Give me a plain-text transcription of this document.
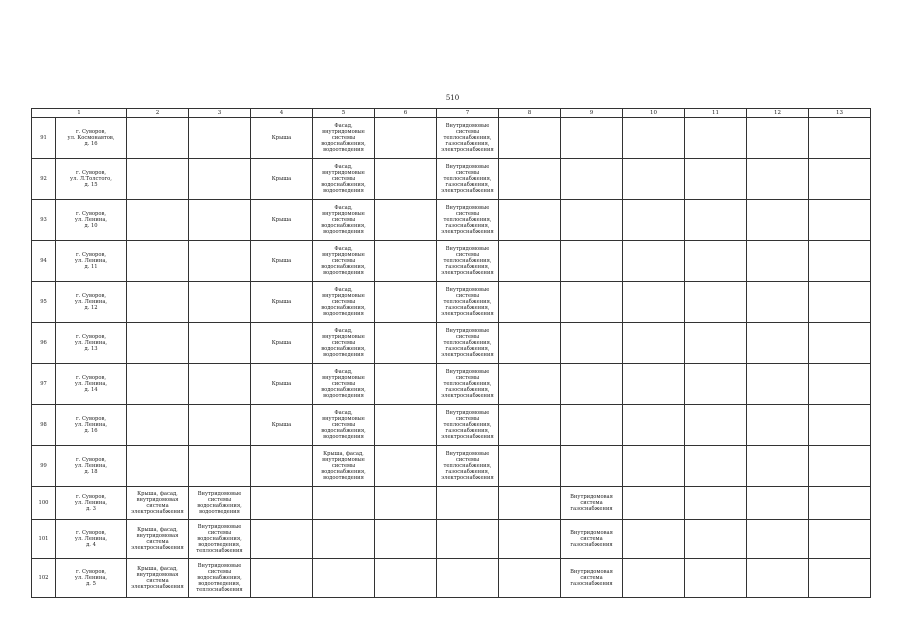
510
1		2	3	4	5	6	7	8	9	10	11	12	13

91	г. Суворов,
ул. Космонавтов,
д. 16			Крыша	Фасад,
внутридомовые
системы
водоснабжения,
водоотведения		Внутридомовые
системы
теплоснабжения,
газоснабжения,
электроснабжения						

92	г. Суворов,
ул. Л.Толстого,
д. 15			Крыша	Фасад,
внутридомовые
системы
водоснабжения,
водоотведения		Внутридомовые
системы
теплоснабжения,
газоснабжения,
электроснабжения						

93	г. Суворов,
ул. Ленина,
д. 10			Крыша	Фасад,
внутридомовые
системы
водоснабжения,
водоотведения		Внутридомовые
системы
теплоснабжения,
газоснабжения,
электроснабжения						

94	г. Суворов,
ул. Ленина,
д. 11			Крыша	Фасад,
внутридомовые
системы
водоснабжения,
водоотведения		Внутридомовые
системы
теплоснабжения,
газоснабжения,
электроснабжения						

95	г. Суворов,
ул. Ленина,
д. 12			Крыша	Фасад,
внутридомовые
системы
водоснабжения,
водоотведения		Внутридомовые
системы
теплоснабжения,
газоснабжения,
электроснабжения						

96	г. Суворов,
ул. Ленина,
д. 13			Крыша	Фасад,
внутридомовые
системы
водоснабжения,
водоотведения		Внутридомовые
системы
теплоснабжения,
газоснабжения,
электроснабжения						

97	г. Суворов,
ул. Ленина,
д. 14			Крыша	Фасад,
внутридомовые
системы
водоснабжения,
водоотведения		Внутридомовые
системы
теплоснабжения,
газоснабжения,
электроснабжения						

98	г. Суворов,
ул. Ленина,
д. 16			Крыша	Фасад,
внутридомовые
системы
водоснабжения,
водоотведения		Внутридомовые
системы
теплоснабжения,
газоснабжения,
электроснабжения						

99	г. Суворов,
ул. Ленина,
д. 18				Крыша, фасад,
внутридомовые
системы
водоснабжения,
водоотведения		Внутридомовые
системы
теплоснабжения,
газоснабжения,
электроснабжения						

100	г. Суворов,
ул. Ленина,
д. 3	Крыша, фасад,
внутридомовая
система
электроснабжения	Внутридомовые
системы
водоснабжения,
водоотведения						Внутридомовая
система
газоснабжения				

101	г. Суворов,
ул. Ленина,
д. 4	Крыша, фасад,
внутридомовая
система
электроснабжения	Внутридомовые
системы
водоснабжения,
водоотведения,
теплоснабжения						Внутридомовая
система
газоснабжения				

102	г. Суворов,
ул. Ленина,
д. 5	Крыша, фасад,
внутридомовая
система
электроснабжения	Внутридомовые
системы
водоснабжения,
водоотведения,
теплоснабжения						Внутридомовая
система
газоснабжения				
